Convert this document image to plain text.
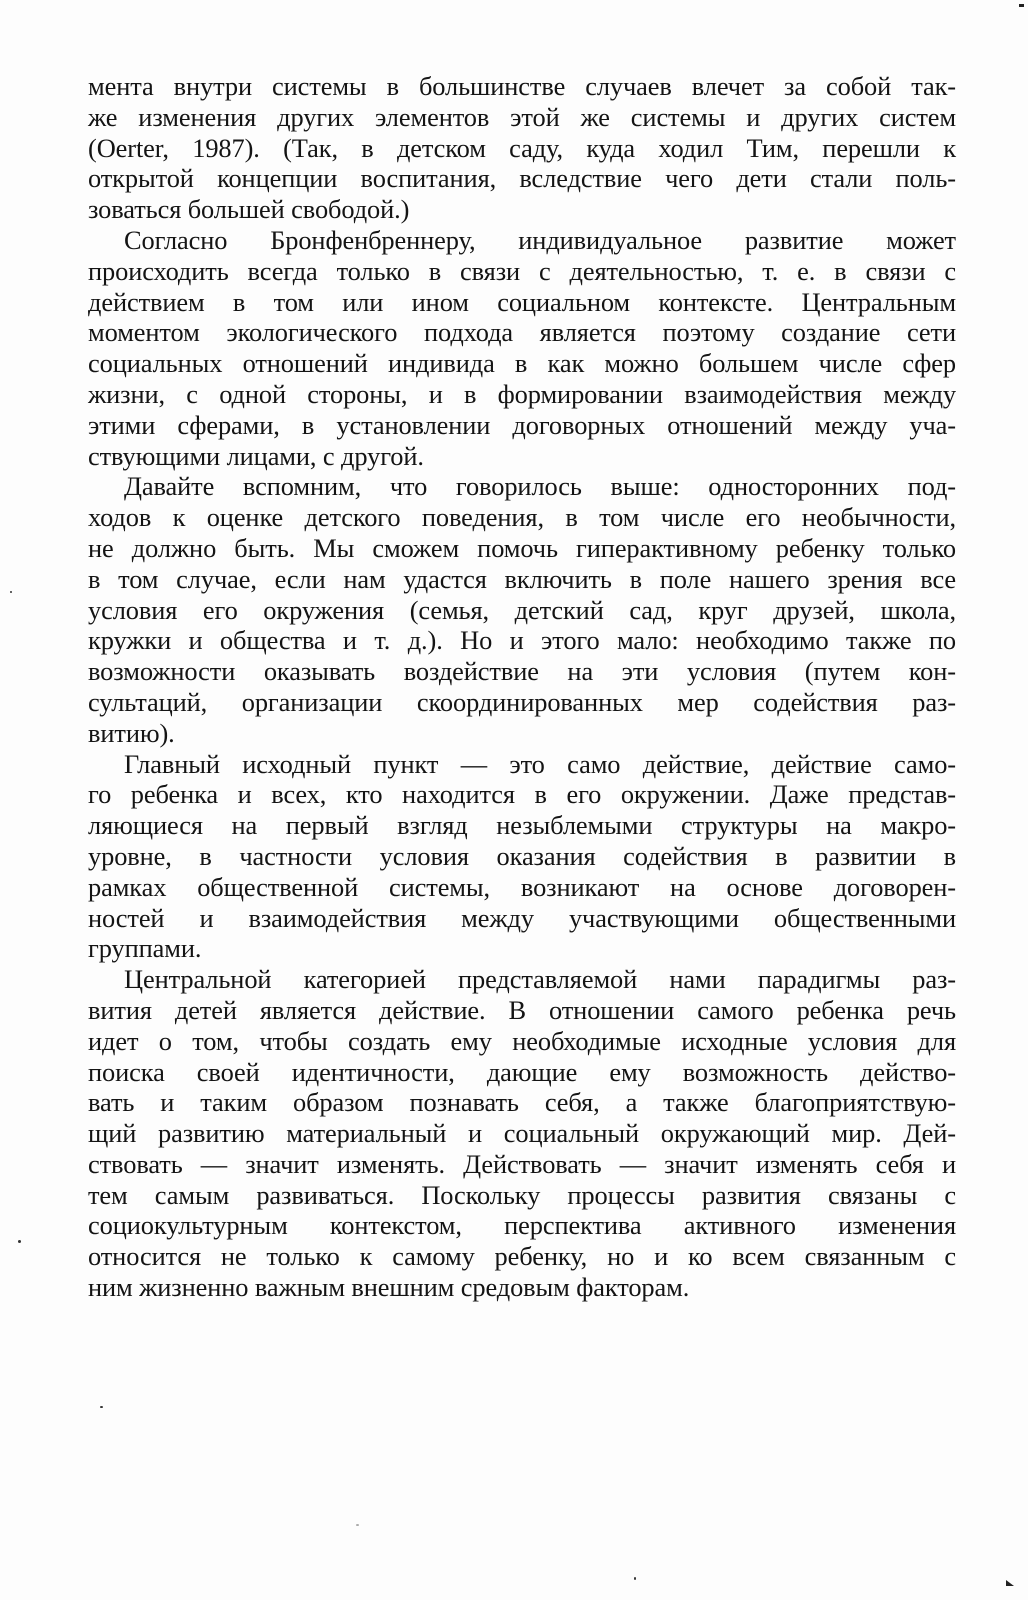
мента внутри системы в большинстве случаев влечет за собой так-
же изменения других элементов этой же системы и других систем
(Oerter, 1987). (Так, в детском саду, куда ходил Тим, перешли к
открытой концепции воспитания, вследствие чего дети стали поль-
зоваться большей свободой.)
Согласно Бронфенбреннеру, индивидуальное развитие может
происходить всегда только в связи с деятельностью, т. е. в связи с
действием в том или ином социальном контексте. Центральным
моментом экологического подхода является поэтому создание сети
социальных отношений индивида в как можно большем числе сфер
жизни, с одной стороны, и в формировании взаимодействия между
этими сферами, в установлении договорных отношений между уча-
ствующими лицами, с другой.
Давайте вспомним, что говорилось выше: односторонних под-
ходов к оценке детского поведения, в том числе его необычности,
не должно быть. Мы сможем помочь гиперактивному ребенку только
в том случае, если нам удастся включить в поле нашего зрения все
условия его окружения (семья, детский сад, круг друзей, школа,
кружки и общества и т. д.). Но и этого мало: необходимо также по
возможности оказывать воздействие на эти условия (путем кон-
сультаций, организации скоординированных мер содействия раз-
витию).
Главный исходный пункт — это само действие, действие само-
го ребенка и всех, кто находится в его окружении. Даже представ-
ляющиеся на первый взгляд незыблемыми структуры на макро-
уровне, в частности условия оказания содействия в развитии в
рамках общественной системы, возникают на основе договорен-
ностей и взаимодействия между участвующими общественными
группами.
Центральной категорией представляемой нами парадигмы раз-
вития детей является действие. В отношении самого ребенка речь
идет о том, чтобы создать ему необходимые исходные условия для
поиска своей идентичности, дающие ему возможность действо-
вать и таким образом познавать себя, а также благоприятствую-
щий развитию материальный и социальный окружающий мир. Дей-
ствовать — значит изменять. Действовать — значит изменять себя и
тем самым развиваться. Поскольку процессы развития связаны с
социокультурным контекстом, перспектива активного изменения
относится не только к самому ребенку, но и ко всем связанным с
ним жизненно важным внешним средовым факторам.
